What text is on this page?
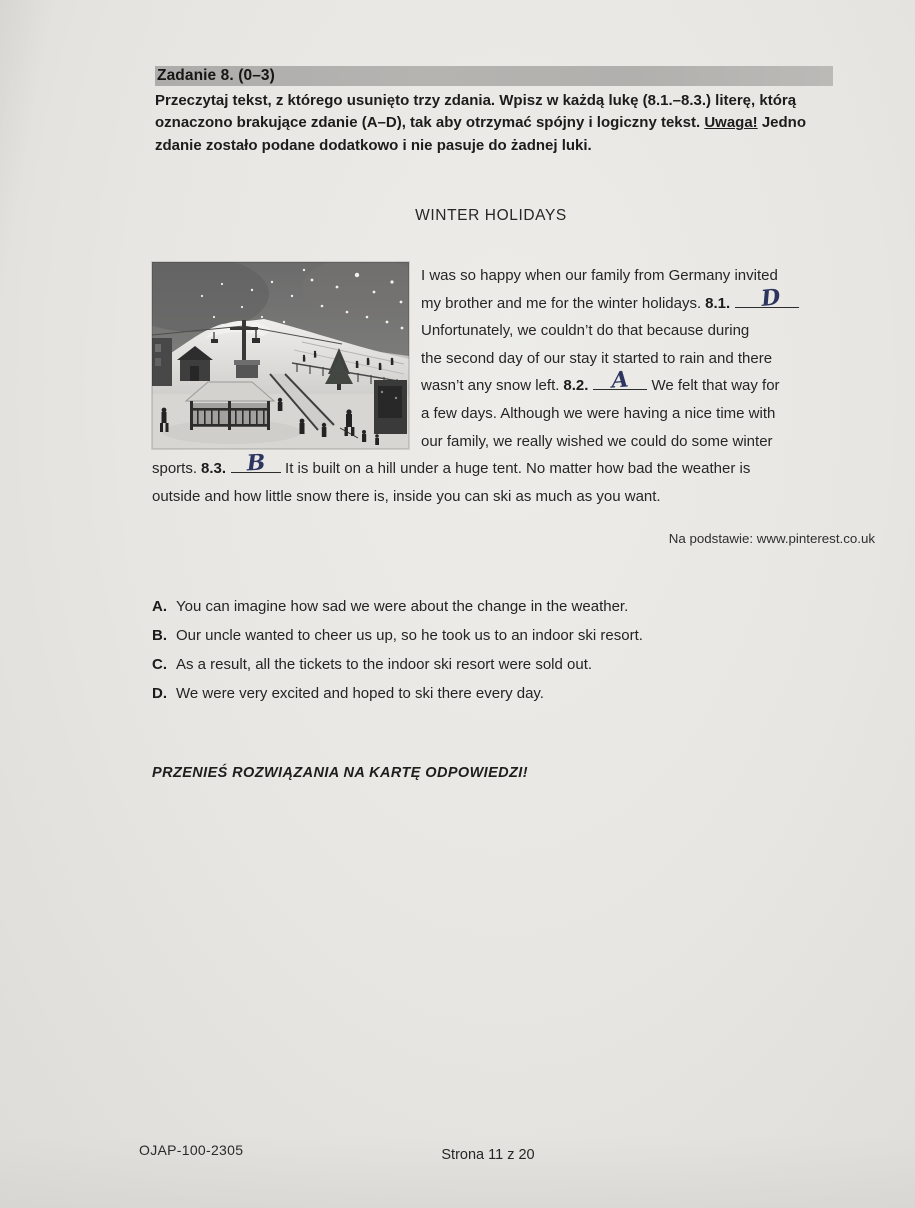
Zadanie 8. (0–3)
Przeczytaj tekst, z którego usunięto trzy zdania. Wpisz w każdą lukę (8.1.–8.3.) literę, którą oznaczono brakujące zdanie (A–D), tak aby otrzymać spójny i logiczny tekst. Uwaga! Jedno zdanie zostało podane dodatkowo i nie pasuje do żadnej luki.
WINTER HOLIDAYS
I was so happy when our family from Germany invited
my brother and me for the winter holidays. 8.1. D
Unfortunately, we couldn’t do that because during
the second day of our stay it started to rain and there
wasn’t any snow left. 8.2. A We felt that way for
a few days. Although we were having a nice time with
our family, we really wished we could do some winter
sports. 8.3. B It is built on a hill under a huge tent. No matter how bad the weather is
outside and how little snow there is, inside you can ski as much as you want.
Na podstawie: www.pinterest.co.uk
A. You can imagine how sad we were about the change in the weather.
B. Our uncle wanted to cheer us up, so he took us to an indoor ski resort.
C. As a result, all the tickets to the indoor ski resort were sold out.
D. We were very excited and hoped to ski there every day.
PRZENIEŚ ROZWIĄZANIA NA KARTĘ ODPOWIEDZI!
OJAP-100-2305	Strona 11 z 20
